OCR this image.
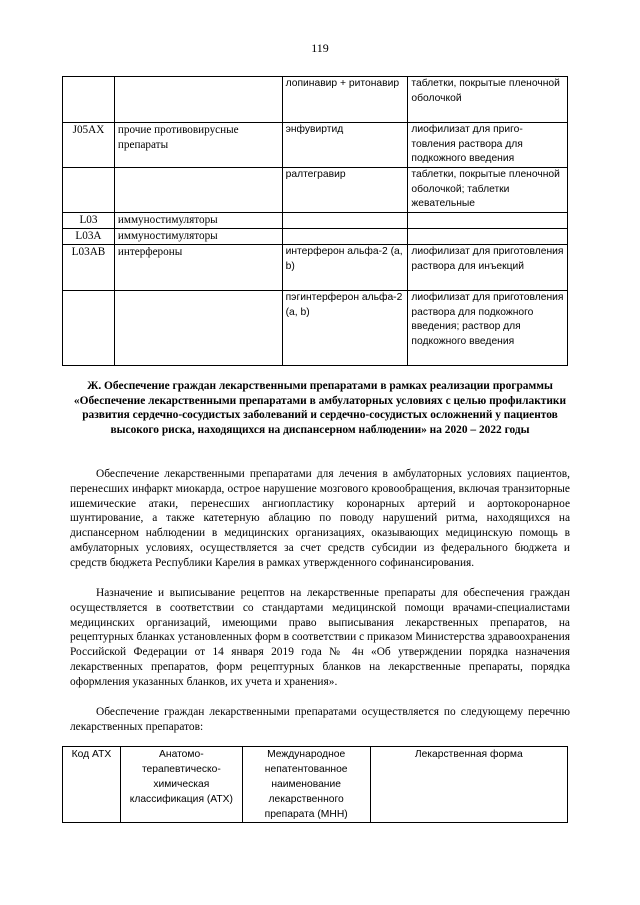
119
		лопинавир + ритонавир	таблетки, покрытые пленочной оболочкой
J05AX	прочие противовирусные препараты	энфувиртид	лиофилизат для приго-товления раствора для подкожного введения
		ралтегравир	таблетки, покрытые пленочной оболочкой; таблетки жевательные
L03	иммуностимуляторы		
L03A	иммуностимуляторы		
L03AB	интерфероны	интерферон альфа-2 (a, b)	лиофилизат для приготовления раствора для инъекций
		пэгинтерферон альфа-2 (a, b)	лиофилизат для приготовления раствора для подкожного введения; раствор для подкожного введения
Ж. Обеспечение граждан лекарственными препаратами в рамках реализации программы «Обеспечение лекарственными препаратами в амбулаторных условиях с целью профилактики развития сердечно-сосудистых заболеваний и сердечно-сосудистых осложнений у пациентов высокого риска, находящихся на диспансерном наблюдении» на 2020 – 2022 годы

Обеспечение лекарственными препаратами для лечения в амбулаторных условиях пациентов, перенесших инфаркт миокарда, острое нарушение мозгового кровообращения, включая транзиторные ишемические атаки, перенесших ангиопластику коронарных артерий и аортокоронарное шунтирование, а также катетерную аблацию по поводу нарушений ритма, находящихся на диспансерном наблюдении в медицинских организациях, оказывающих медицинскую помощь в амбулаторных условиях, осуществляется за счет средств субсидии из федерального бюджета и средств бюджета Республики Карелия в рамках утвержденного софинансирования.

Назначение и выписывание рецептов на лекарственные препараты для обеспечения граждан осуществляется в соответствии со стандартами медицинской помощи врачами-специалистами медицинских организаций, имеющими право выписывания лекарственных препаратов, на рецептурных бланках установленных форм в соответствии с приказом Министерства здравоохранения Российской Федерации от 14 января 2019 года № 4н «Об утверждении порядка назначения лекарственных препаратов, форм рецептурных бланков на лекарственные препараты, порядка оформления указанных бланков, их учета и хранения».

Обеспечение граждан лекарственными препаратами осуществляется по следующему перечню лекарственных препаратов:

Код АТХ	Анатомо-терапевтическо-химическая классификация (АТХ)	Международное непатентованное наименование лекарственного препарата (МНН)	Лекарственная форма
